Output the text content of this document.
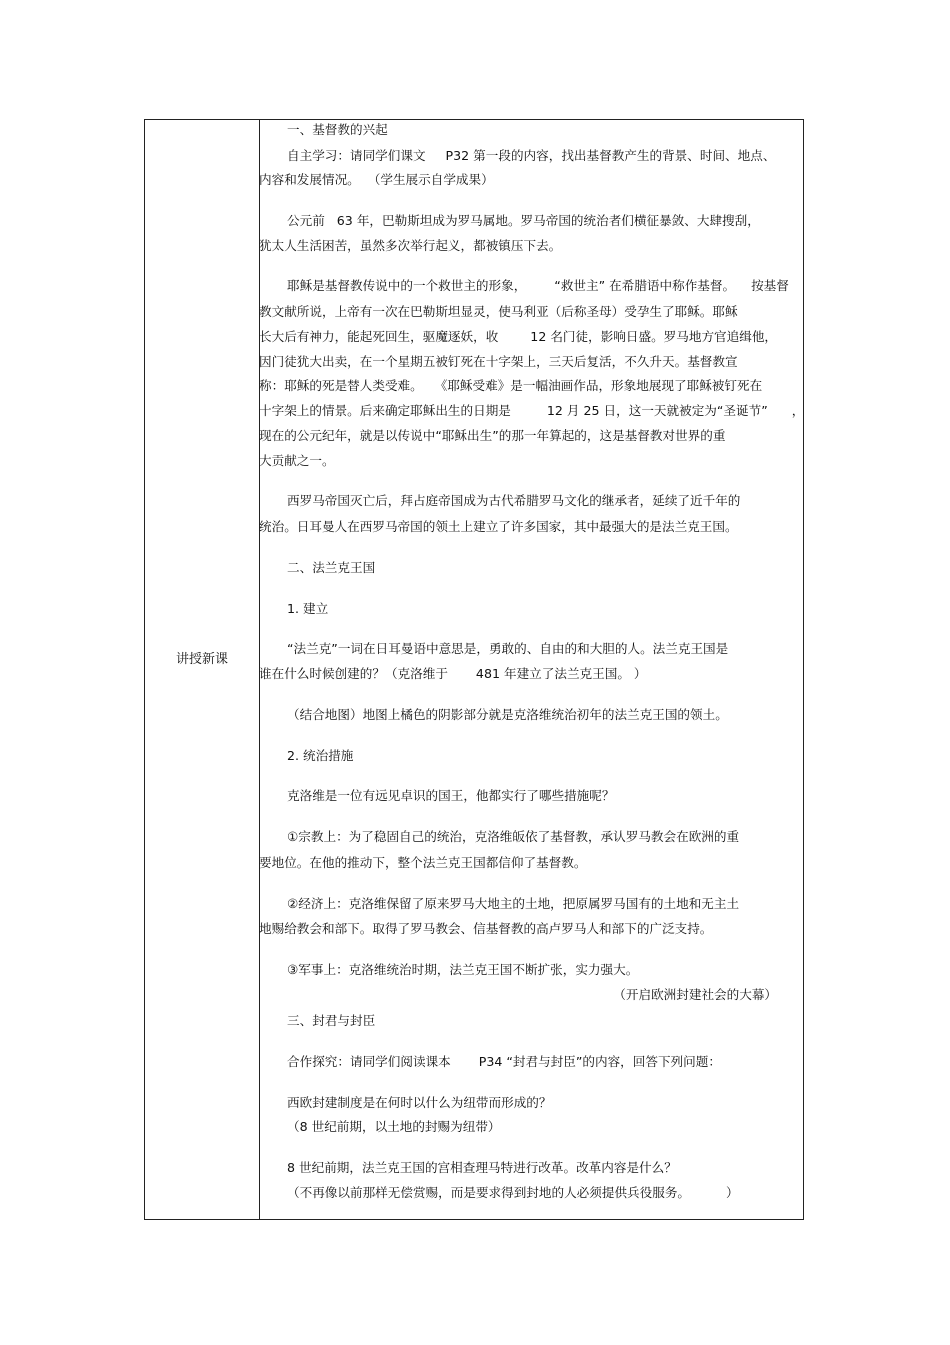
讲授新课
一、基督教的兴起
自主学习：请同学们课文     P32 第一段的内容，找出基督教产生的背景、时间、地点、
内容和发展情况。  （学生展示自学成果）
公元前   63 年，巴勒斯坦成为罗马属地。罗马帝国的统治者们横征暴敛、大肆搜刮，
犹太人生活困苦，虽然多次举行起义，都被镇压下去。
耶稣是基督教传说中的一个救世主的形象，       “救世主” 在希腊语中称作基督。    按基督
教文献所说，上帝有一次在巴勒斯坦显灵，使马利亚（后称圣母）受孕生了耶稣。耶稣
长大后有神力，能起死回生，驱魔逐妖，收        12 名门徒，影响日盛。罗马地方官追缉他，
因门徒犹大出卖，在一个星期五被钉死在十字架上，三天后复活，不久升天。基督教宣
称：耶稣的死是替人类受难。   《耶稣受难》是一幅油画作品，形象地展现了耶稣被钉死在
十字架上的情景。后来确定耶稣出生的日期是         12 月 25 日，这一天就被定为“圣诞节”      ，
现在的公元纪年，就是以传说中“耶稣出生”的那一年算起的，这是基督教对世界的重
大贡献之一。
西罗马帝国灭亡后，拜占庭帝国成为古代希腊罗马文化的继承者，延续了近千年的
统治。日耳曼人在西罗马帝国的领土上建立了许多国家，其中最强大的是法兰克王国。
二、法兰克王国
1. 建立
“法兰克”一词在日耳曼语中意思是，勇敢的、自由的和大胆的人。法兰克王国是
谁在什么时候创建的？（克洛维于       481 年建立了法兰克王国。 ）
（结合地图）地图上橘色的阴影部分就是克洛维统治初年的法兰克王国的领土。
2. 统治措施
克洛维是一位有远见卓识的国王，他都实行了哪些措施呢？
①宗教上：为了稳固自己的统治，克洛维皈依了基督教，承认罗马教会在欧洲的重
要地位。在他的推动下，整个法兰克王国都信仰了基督教。
②经济上：克洛维保留了原来罗马大地主的土地，把原属罗马国有的土地和无主土
地赐给教会和部下。取得了罗马教会、信基督教的高卢罗马人和部下的广泛支持。
③军事上：克洛维统治时期，法兰克王国不断扩张，实力强大。
（开启欧洲封建社会的大幕）
三、封君与封臣
合作探究：请同学们阅读课本       P34 “封君与封臣”的内容，回答下列问题：
西欧封建制度是在何时以什么为纽带而形成的？
（8 世纪前期，以土地的封赐为纽带）
8 世纪前期，法兰克王国的宫相查理马特进行改革。改革内容是什么？
（不再像以前那样无偿赏赐，而是要求得到封地的人必须提供兵役服务。         ）
